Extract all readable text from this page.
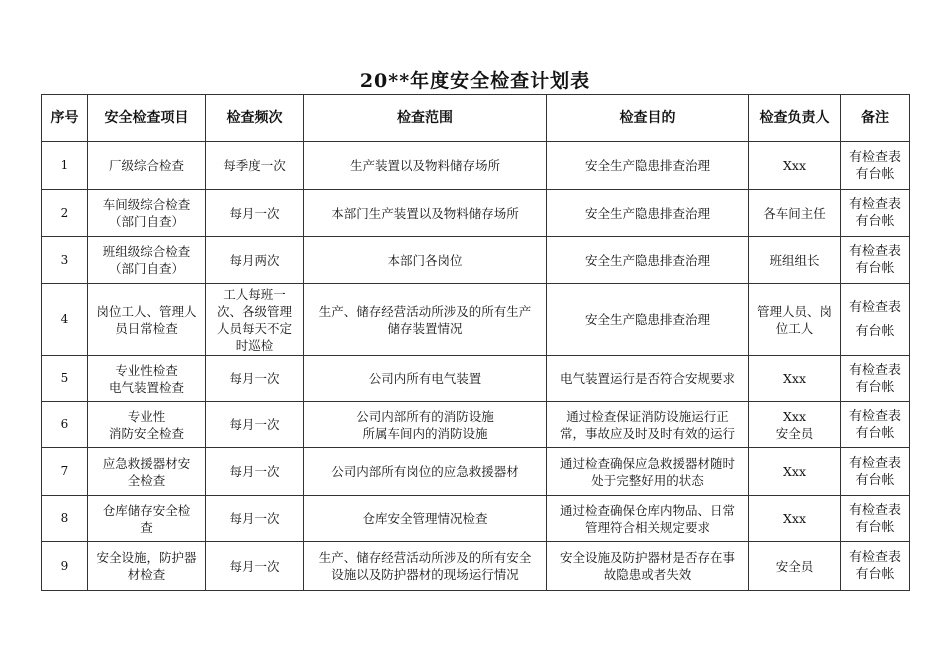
20**年度安全检查计划表
序号	安全检查项目	检查频次	检查范围	检查目的	检查负责人	备注
1	厂级综合检查	每季度一次	生产装置以及物料储存场所	安全生产隐患排查治理	Xxx	有检查表
有台帐

2	车间级综合检查
（部门自查）	每月一次	本部门生产装置以及物料储存场所	安全生产隐患排查治理	各车间主任	有检查表
有台帐

3	班组级综合检查
（部门自查）	每月两次	本部门各岗位	安全生产隐患排查治理	班组组长	有检查表
有台帐

4	岗位工人、管理人
员日常检查	工人每班一
次、各级管理
人员每天不定
时巡检	生产、储存经营活动所涉及的所有生产
储存装置情况	安全生产隐患排查治理	管理人员、岗
位工人	有检查表
有台帐

5	专业性检查
电气装置检查	每月一次	公司内所有电气装置	电气装置运行是否符合安规要求	Xxx	有检查表
有台帐

6	专业性
消防安全检查	每月一次	公司内部所有的消防设施
所属车间内的消防设施	通过检查保证消防设施运行正
常，事故应及时及时有效的运行	Xxx
安全员	有检查表
有台帐

7	应急救援器材安
全检查	每月一次	公司内部所有岗位的应急救援器材	通过检查确保应急救援器材随时
处于完整好用的状态	Xxx	有检查表
有台帐

8	仓库储存安全检
查	每月一次	仓库安全管理情况检查	通过检查确保仓库内物品、日常
管理符合相关规定要求	Xxx	有检查表
有台帐

9	安全设施，防护器
材检查	每月一次	生产、储存经营活动所涉及的所有安全
设施以及防护器材的现场运行情况	安全设施及防护器材是否存在事
故隐患或者失效	安全员	有检查表
有台帐
